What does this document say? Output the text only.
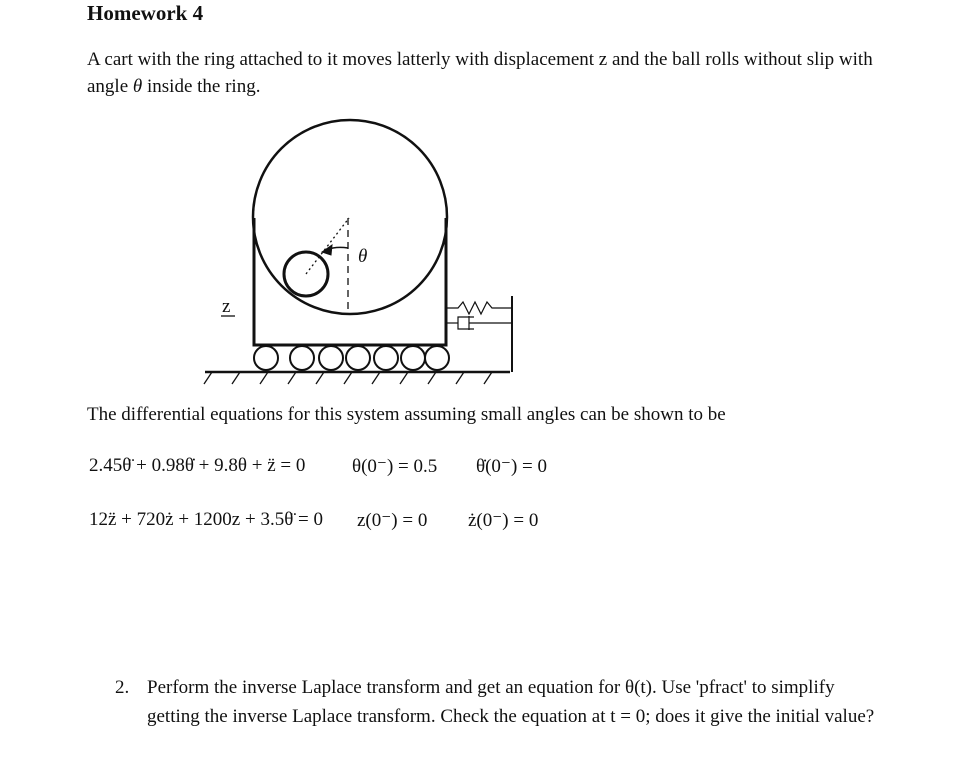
Homework 4
A cart with the ring attached to it moves latterly with displacement z and the ball rolls without slip with angle θ inside the ring.
θ
z
The differential equations for this system assuming small angles can be shown to be
2.45θ̈ + 0.98θ̇ + 9.8θ + z̈ = 0 θ(0⁻) = 0.5 θ̇(0⁻) = 0
12z̈ + 720ż + 1200z + 3.5θ̈ = 0 z(0⁻) = 0 ż(0⁻) = 0
2. Perform the inverse Laplace transform and get an equation for θ(t). Use 'pfract' to simplify getting the inverse Laplace transform. Check the equation at t = 0; does it give the initial value?
